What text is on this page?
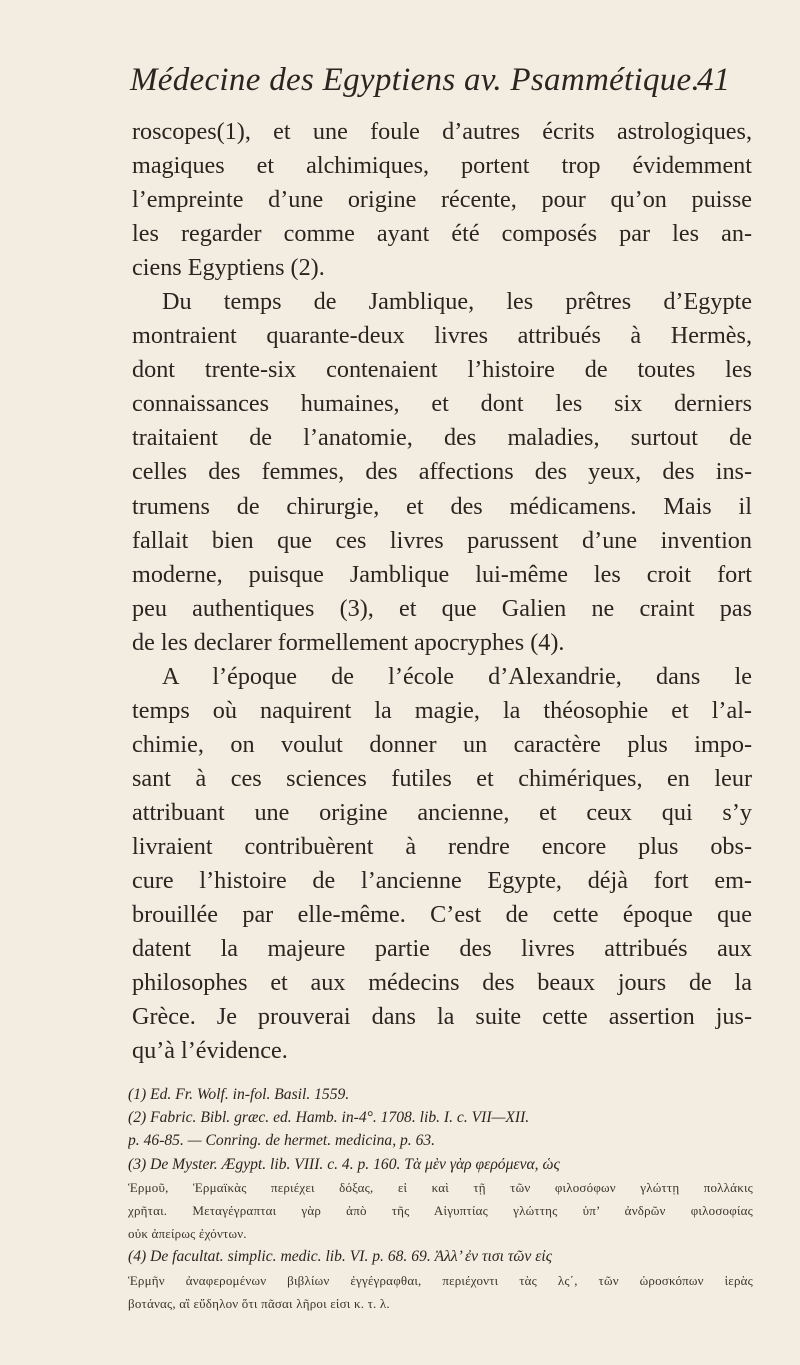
Médecine des Egyptiens av. Psammétique.
41
roscopes(1), et une foule d’autres écrits astrologiques,
magiques et alchimiques, portent trop évidemment
l’empreinte d’une origine récente, pour qu’on puisse
les regarder comme ayant été composés par les an-
ciens Egyptiens (2).
Du temps de Jamblique, les prêtres d’Egypte
montraient quarante-deux livres attribués à Hermès,
dont trente-six contenaient l’histoire de toutes les
connaissances humaines, et dont les six derniers
traitaient de l’anatomie, des maladies, surtout de
celles des femmes, des affections des yeux, des ins-
trumens de chirurgie, et des médicamens. Mais il
fallait bien que ces livres parussent d’une invention
moderne, puisque Jamblique lui-même les croit fort
peu authentiques (3), et que Galien ne craint pas
de les declarer formellement apocryphes (4).
A l’époque de l’école d’Alexandrie, dans le
temps où naquirent la magie, la théosophie et l’al-
chimie, on voulut donner un caractère plus impo-
sant à ces sciences futiles et chimériques, en leur
attribuant une origine ancienne, et ceux qui s’y
livraient contribuèrent à rendre encore plus obs-
cure l’histoire de l’ancienne Egypte, déjà fort em-
brouillée par elle-même. C’est de cette époque que
datent la majeure partie des livres attribués aux
philosophes et aux médecins des beaux jours de la
Grèce. Je prouverai dans la suite cette assertion jus-
qu’à l’évidence.
(1) Ed. Fr. Wolf. in-fol. Basil. 1559.
(2) Fabric. Bibl. græc. ed. Hamb. in-4°. 1708. lib. I. c. VII—XII.
p. 46-85. — Conring. de hermet. medicina, p. 63.
(3) De Myster. Ægypt. lib. VIII. c. 4. p. 160. Τὰ μὲν γὰρ φερόμενα, ὡς
Ἑρμοῦ, Ἑρμαϊκὰς περιέχει δόξας, εἰ καὶ τῇ τῶν φιλοσόφων γλώττῃ πολλάκις
χρῆται. Μεταγέγραπται γὰρ ἀπὸ τῆς Αἰγυπτίας γλώττης ὑπ’ ἀνδρῶν φιλοσοφίας
οὐκ ἀπείρως ἐχόντων.
(4) De facultat. simplic. medic. lib. VI. p. 68. 69. Ἀλλ’ ἐν τισι τῶν εἰς
Ἑρμῆν ἀναφερομένων βιβλίων ἐγγέγραφθαι, περιέχοντι τὰς λς΄, τῶν ὡροσκόπων ἱερὰς
βοτάνας, αἳ εὔδηλον ὅτι πᾶσαι λῆροι εἰσι κ. τ. λ.
